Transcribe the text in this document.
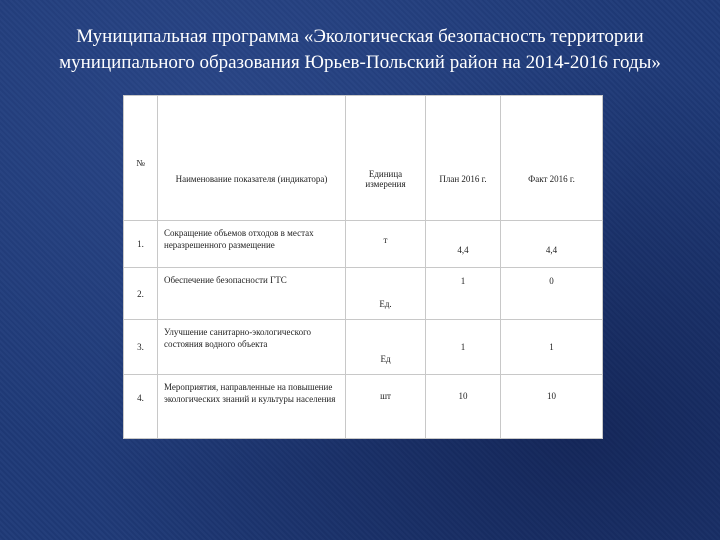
Муниципальная программа «Экологическая безопасность территории
муниципального образования Юрьев-Польский район на 2014-2016 годы»
№	Наименование показателя (индикатора)	Единица измерения	План 2016 г.	Факт 2016 г.
1.	Сокращение объемов отходов в местах неразрешенного размещение	т	4,4	4,4
2.	Обеспечение безопасности ГТС	Ед.	1	0
3.	Улучшение санитарно-экологического состояния водного объекта	Ед	1	1
4.	Мероприятия, направленные на повышение экологических знаний и культуры населения	шт	10	10
